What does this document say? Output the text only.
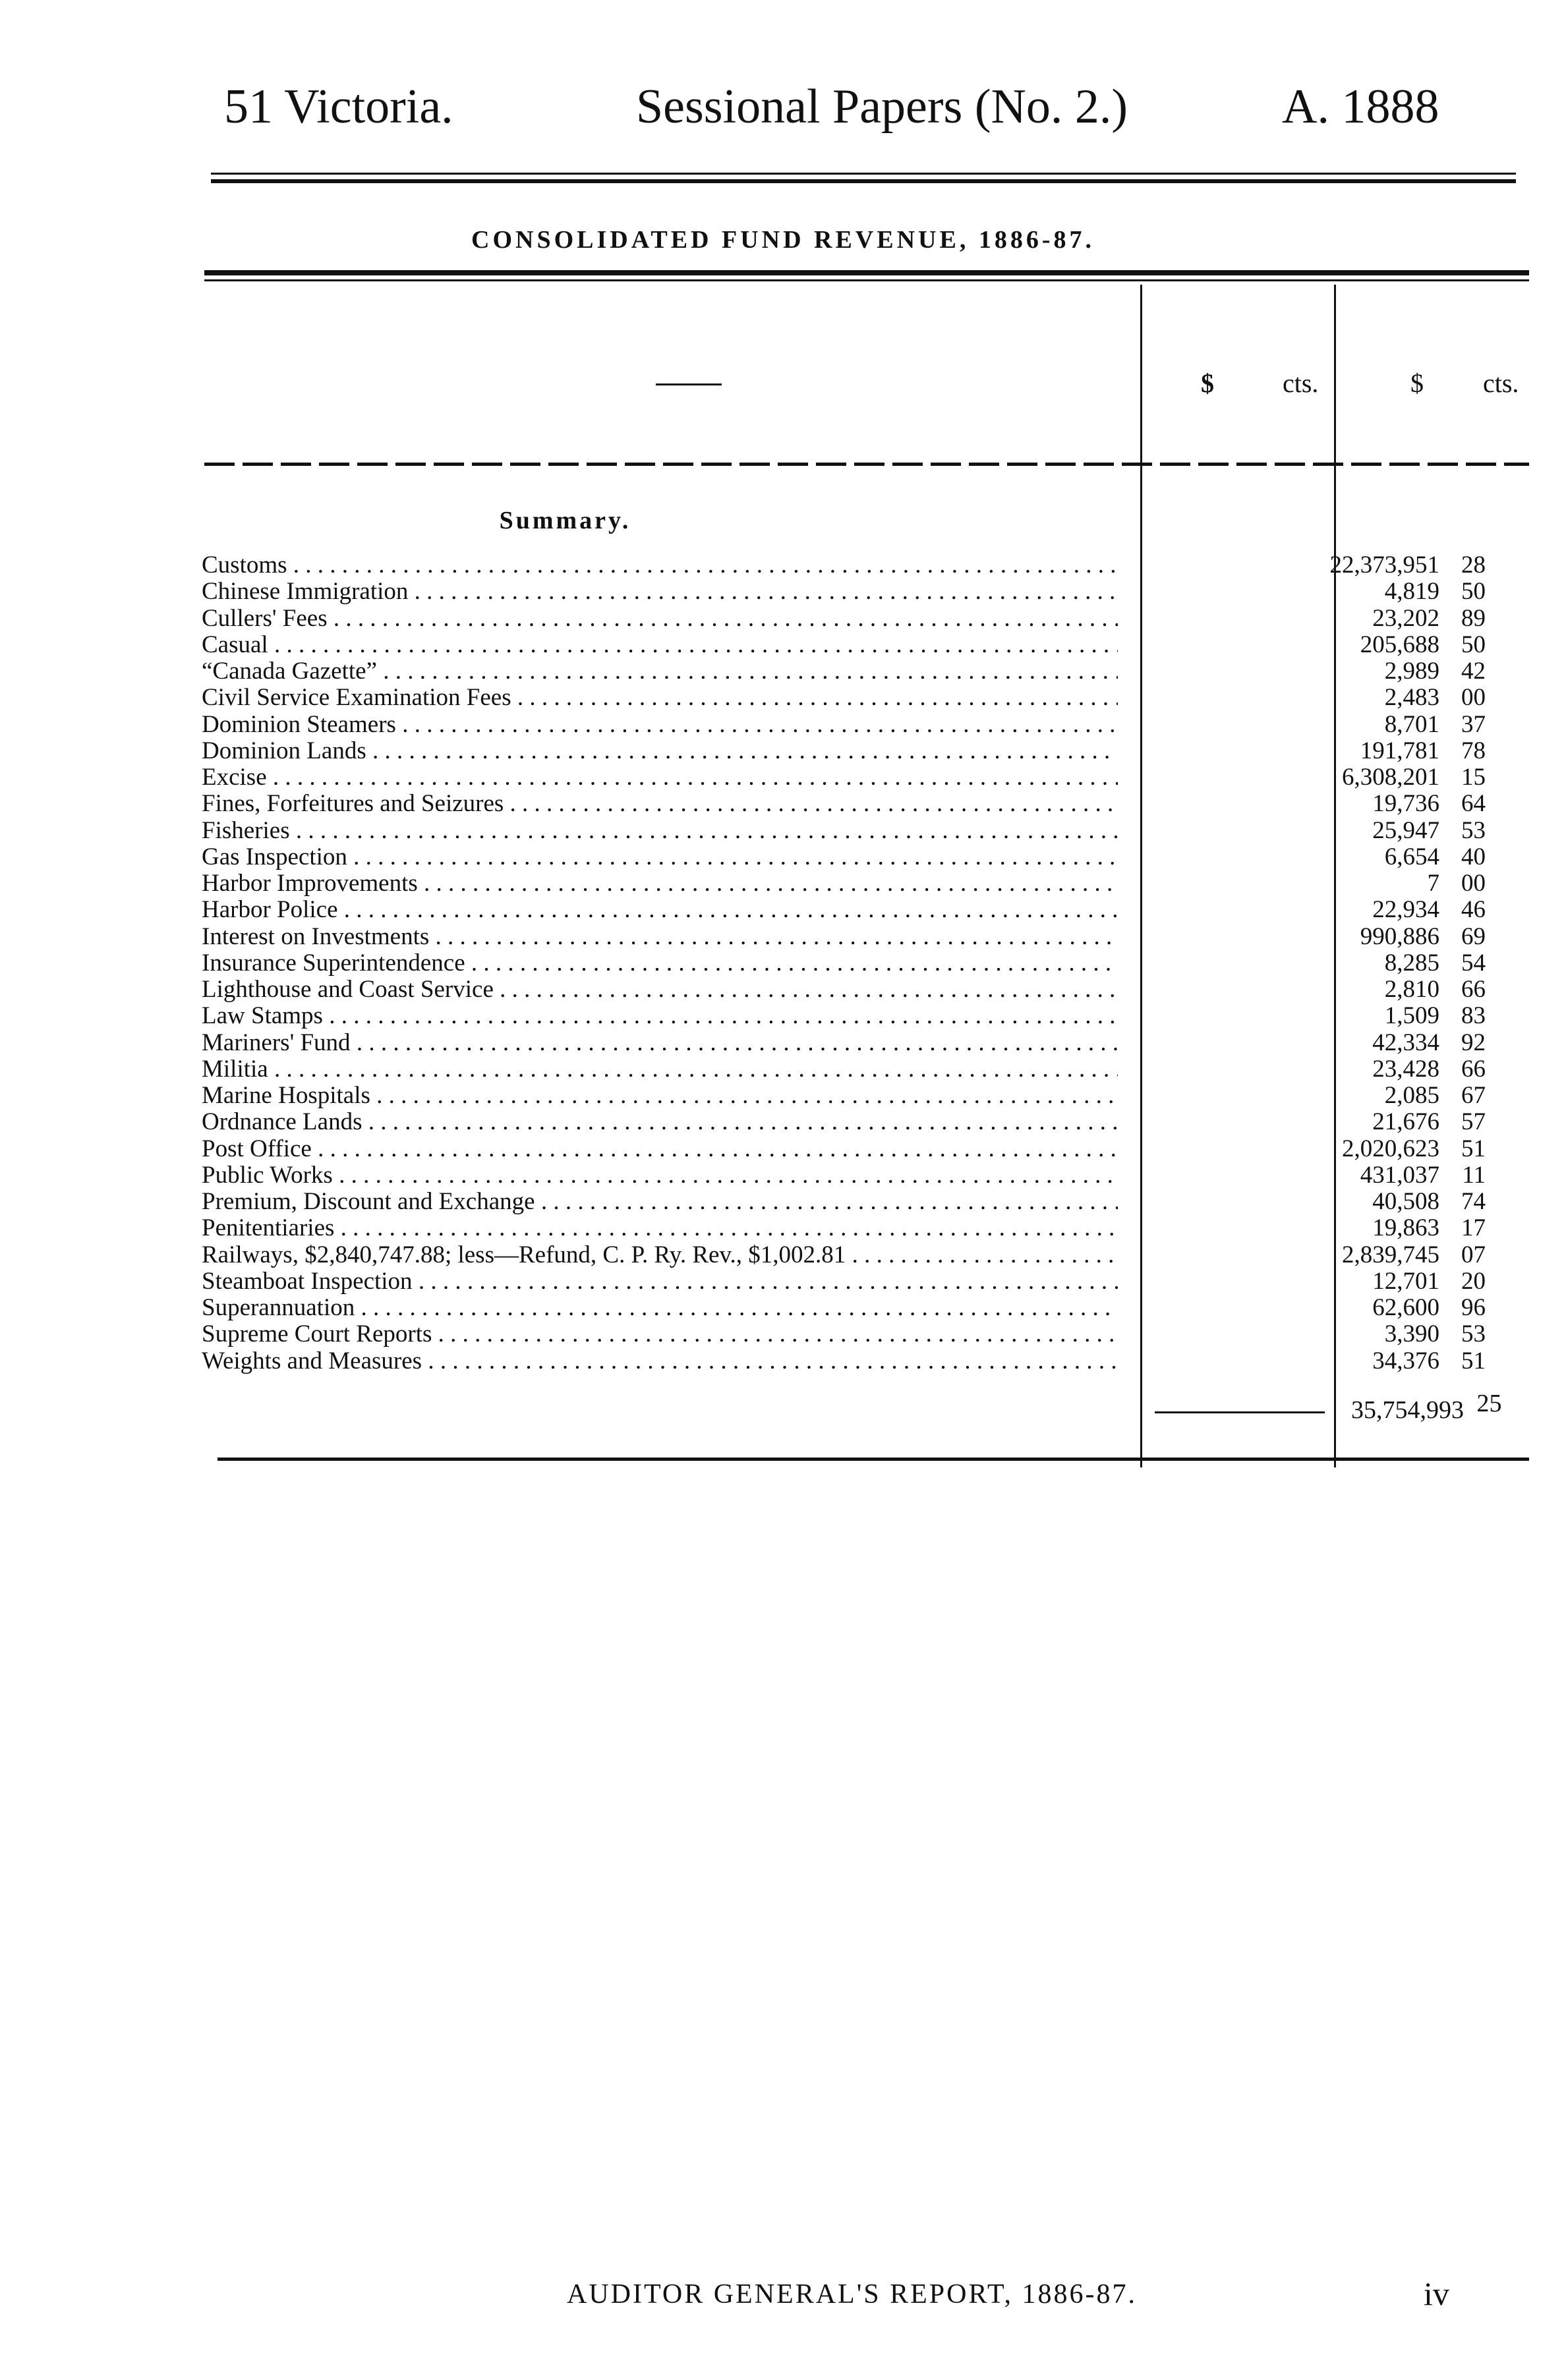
51 Victoria.	Sessional Papers (No. 2.)	A. 1888
CONSOLIDATED FUND REVENUE, 1886-87.
$	cts.	$ cts.
Summary.
Customs . . .	22,373,951 28
Chinese Immigration . . .	4,819 50
Cullers' Fees . . .	23,202 89
Casual . . .	205,688 50
“Canada Gazette” . . .	2,989 42
Civil Service Examination Fees . . .	2,483 00
Dominion Steamers . . .	8,701 37
Dominion Lands . . .	191,781 78
Excise . . .	6,308,201 15
Fines, Forfeitures and Seizures . . .	19,736 64
Fisheries . . .	25,947 53
Gas Inspection . . .	6,654 40
Harbor Improvements . . .	7 00
Harbor Police . . .	22,934 46
Interest on Investments . . .	990,886 69
Insurance Superintendence . . .	8,285 54
Lighthouse and Coast Service . . .	2,810 66
Law Stamps . . .	1,509 83
Mariners' Fund . . .	42,334 92
Militia . . .	23,428 66
Marine Hospitals . . .	2,085 67
Ordnance Lands . . .	21,676 57
Post Office . . .	2,020,623 51
Public Works . . .	431,037 11
Premium, Discount and Exchange . . .	40,508 74
Penitentiaries . . .	19,863 17
Railways, $2,840,747.88; less—Refund, C. P. Ry. Rev., $1,002.81 . . .	2,839,745 07
Steamboat Inspection . . .	12,701 20
Superannuation . . .	62,600 96
Supreme Court Reports . . .	3,390 53
Weights and Measures . . .	34,376 51
35,754,993 25
AUDITOR GENERAL'S REPORT, 1886-87.	iv
